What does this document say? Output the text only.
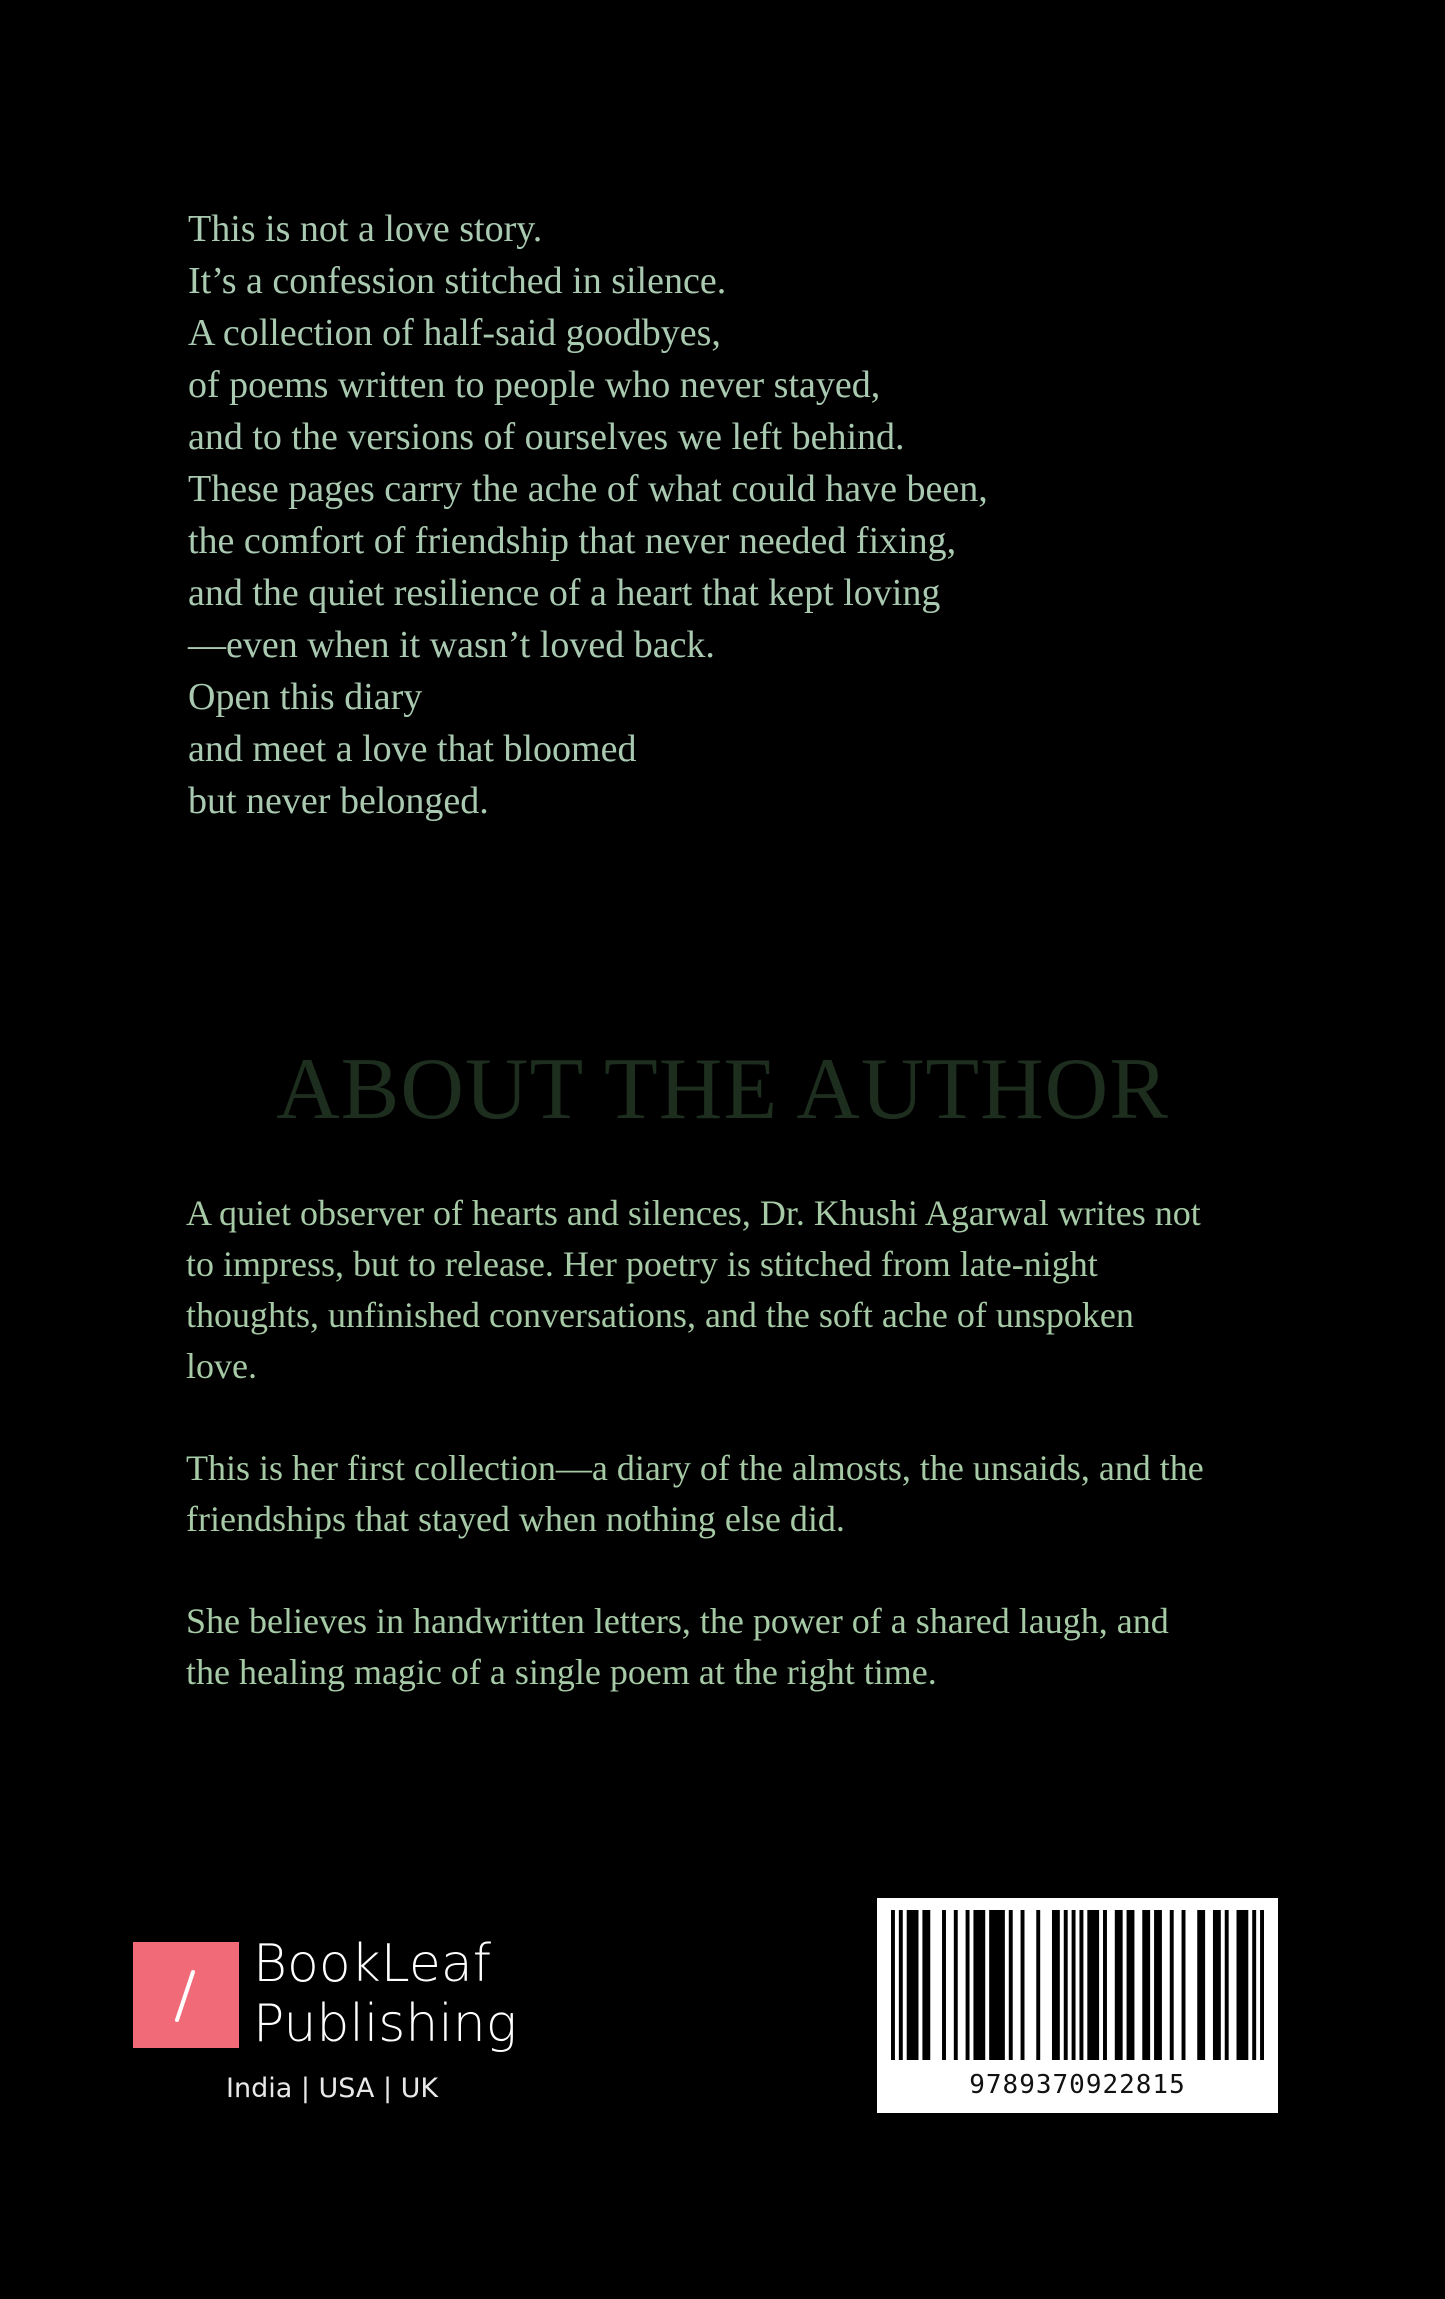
This is not a love story.
It’s a confession stitched in silence.
A collection of half-said goodbyes,
of poems written to people who never stayed,
and to the versions of ourselves we left behind.
These pages carry the ache of what could have been,
the comfort of friendship that never needed fixing,
and the quiet resilience of a heart that kept loving
—even when it wasn’t loved back.
Open this diary
and meet a love that bloomed
but never belonged.
ABOUT THE AUTHOR

A quiet observer of hearts and silences, Dr. Khushi Agarwal writes not to impress, but to release. Her poetry is stitched from late-night thoughts, unfinished conversations, and the soft ache of unspoken love.

This is her first collection—a diary of the almosts, the unsaids, and the friendships that stayed when nothing else did.

She believes in handwritten letters, the power of a shared laugh, and the healing magic of a single poem at the right time.

BookLeaf
Publishing
India | USA | UK	9789370922815
